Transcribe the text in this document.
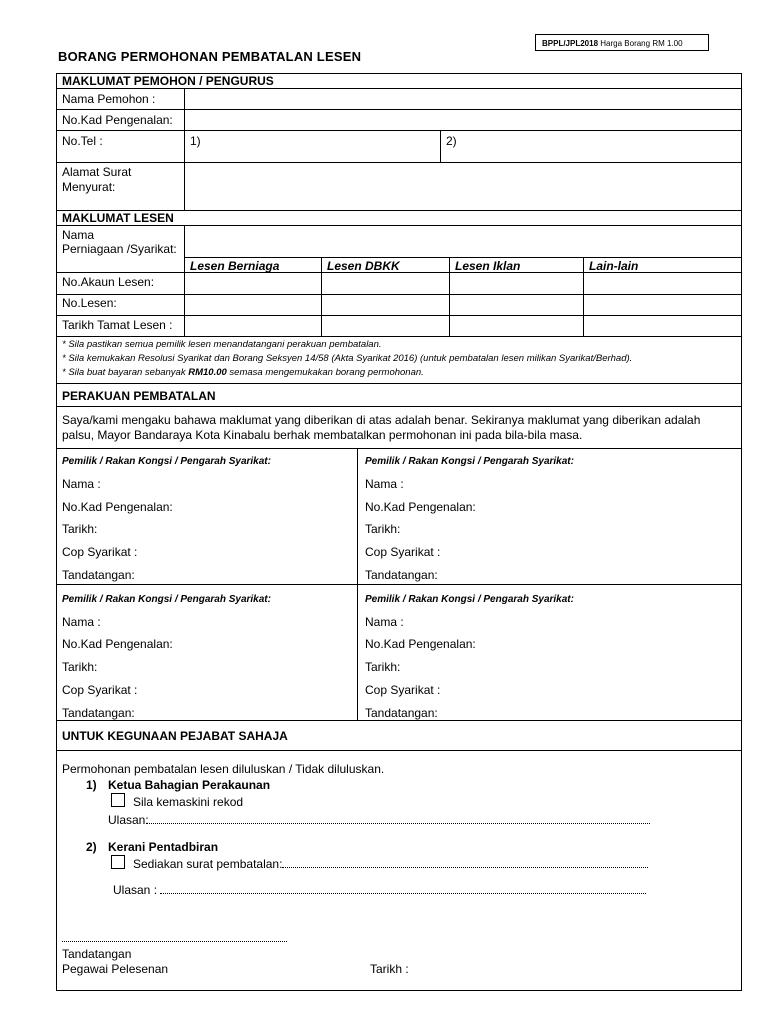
BPPL/JPL2018 Harga Borang RM 1.00
BORANG PERMOHONAN PEMBATALAN LESEN
MAKLUMAT PEMOHON / PENGURUS
Nama Pemohon :
No.Kad Pengenalan:
No.Tel :	1)	2)
Alamat Surat
Menyurat:
MAKLUMAT LESEN
Nama
Perniagaan /Syarikat:
Lesen Berniaga	Lesen DBKK	Lesen Iklan	Lain-lain
No.Akaun Lesen:
No.Lesen:
Tarikh Tamat Lesen :
* Sila pastikan semua pemilik lesen menandatangani perakuan pembatalan.
* Sila kemukakan Resolusi Syarikat dan Borang Seksyen 14/58 (Akta Syarikat 2016) (untuk pembatalan lesen milikan Syarikat/Berhad).
* Sila buat bayaran sebanyak RM10.00 semasa mengemukakan borang permohonan.
PERAKUAN PEMBATALAN
Saya/kami mengaku bahawa maklumat yang diberikan di atas adalah benar. Sekiranya maklumat yang diberikan adalah
palsu, Mayor Bandaraya Kota Kinabalu berhak membatalkan permohonan ini pada bila-bila masa.
Pemilik / Rakan Kongsi / Pengarah Syarikat:
Nama :
No.Kad Pengenalan:
Tarikh:
Cop Syarikat :
Tandatangan:
Pemilik / Rakan Kongsi / Pengarah Syarikat:
Nama :
No.Kad Pengenalan:
Tarikh:
Cop Syarikat :
Tandatangan:
Pemilik / Rakan Kongsi / Pengarah Syarikat:
Nama :
No.Kad Pengenalan:
Tarikh:
Cop Syarikat :
Tandatangan:
Pemilik / Rakan Kongsi / Pengarah Syarikat:
Nama :
No.Kad Pengenalan:
Tarikh:
Cop Syarikat :
Tandatangan:
UNTUK KEGUNAAN PEJABAT SAHAJA
Permohonan pembatalan lesen diluluskan / Tidak diluluskan.
1) Ketua Bahagian Perakaunan
Sila kemaskini rekod
Ulasan:
2) Kerani Pentadbiran
Sediakan surat pembatalan:
Ulasan :
Tandatangan
Pegawai Pelesenan	Tarikh :
